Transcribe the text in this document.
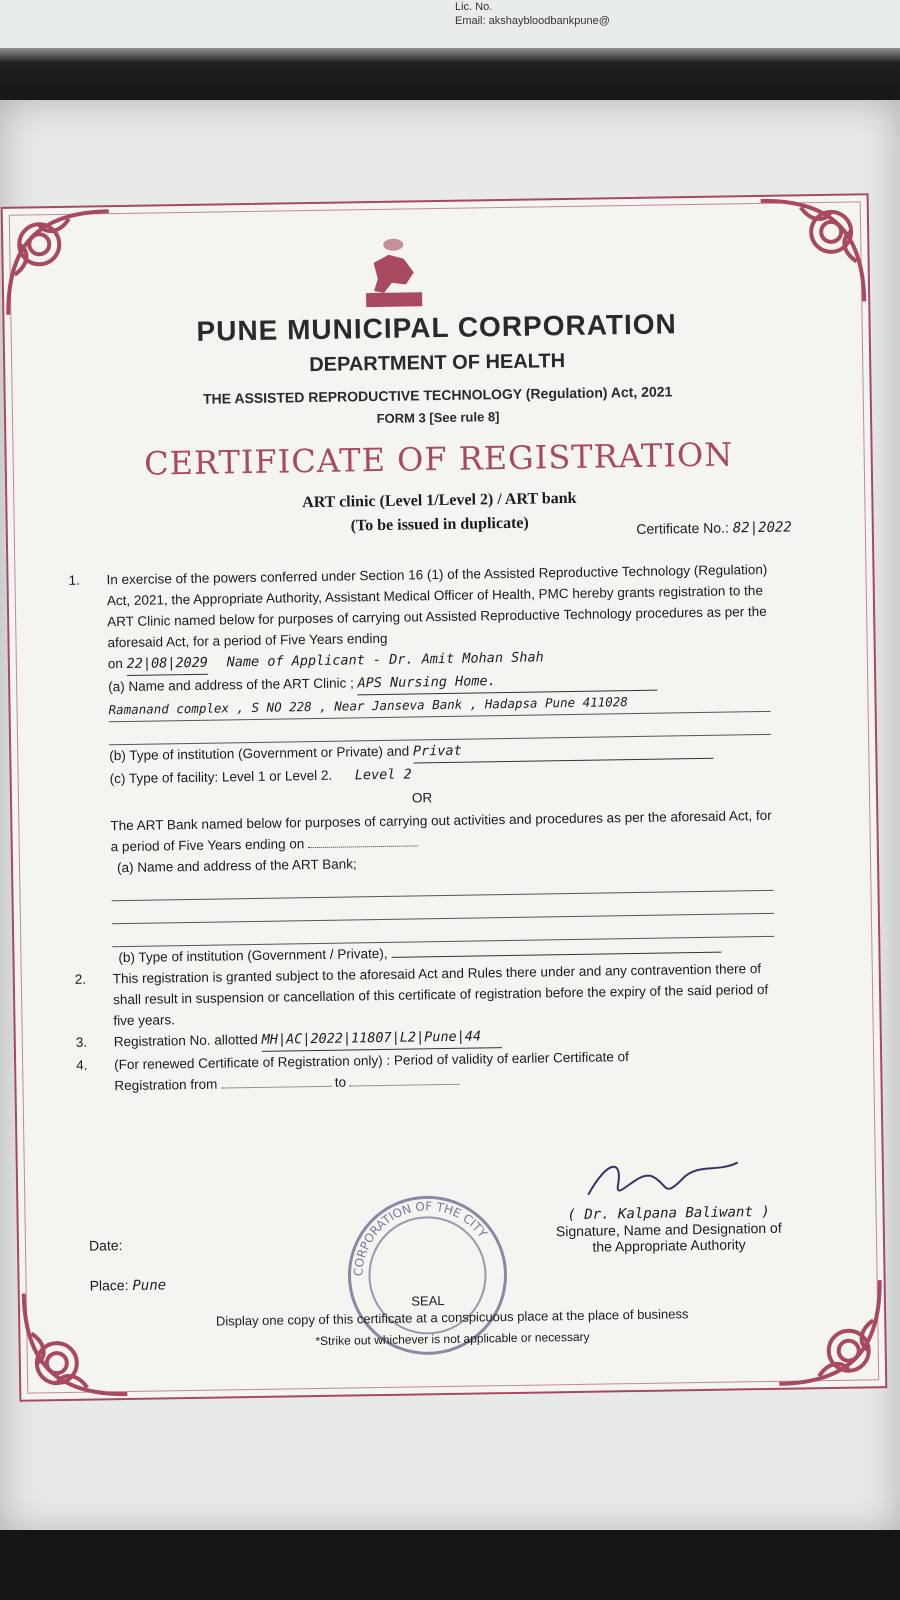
Lic. No.
Email: akshaybloodbankpune@
PUNE MUNICIPAL CORPORATION
DEPARTMENT OF HEALTH
THE ASSISTED REPRODUCTIVE TECHNOLOGY (Regulation) Act, 2021
FORM 3 [See rule 8]
CERTIFICATE OF REGISTRATION
ART clinic (Level 1/Level 2) / ART bank
(To be issued in duplicate)	Certificate No.: 82|2022
1. In exercise of the powers conferred under Section 16 (1) of the Assisted Reproductive Technology (Regulation) Act, 2021, the Appropriate Authority, Assistant Medical Officer of Health, PMC hereby grants registration to the ART Clinic named below for purposes of carrying out Assisted Reproductive Technology procedures as per the aforesaid Act, for a period of Five Years ending
on 22|08|2029 Name of Applicant - Dr. Amit Mohan Shah
(a) Name and address of the ART Clinic ; APS Nursing Home.
Ramanand complex , S NO 228 , Near Janseva Bank , Hadapsa Pune 411028
(b) Type of institution (Government or Private) and Privat
(c) Type of facility: Level 1 or Level 2. Level 2
OR
The ART Bank named below for purposes of carrying out activities and procedures as per the aforesaid Act, for a period of Five Years ending on
(a) Name and address of the ART Bank;
(b) Type of institution (Government / Private),
2. This registration is granted subject to the aforesaid Act and Rules there under and any contravention there of shall result in suspension or cancellation of this certificate of registration before the expiry of the said period of five years.
3. Registration No. allotted MH|AC|2022|11807|L2|Pune|44
4. (For renewed Certificate of Registration only) : Period of validity of earlier Certificate of
Registration from	to
CORPORATION OF THE CITY
SEAL
( Dr. Kalpana Baliwant )
Signature, Name and Designation of
the Appropriate Authority
Date:
Place: Pune
Display one copy of this certificate at a conspicuous place at the place of business
*Strike out whichever is not applicable or necessary
